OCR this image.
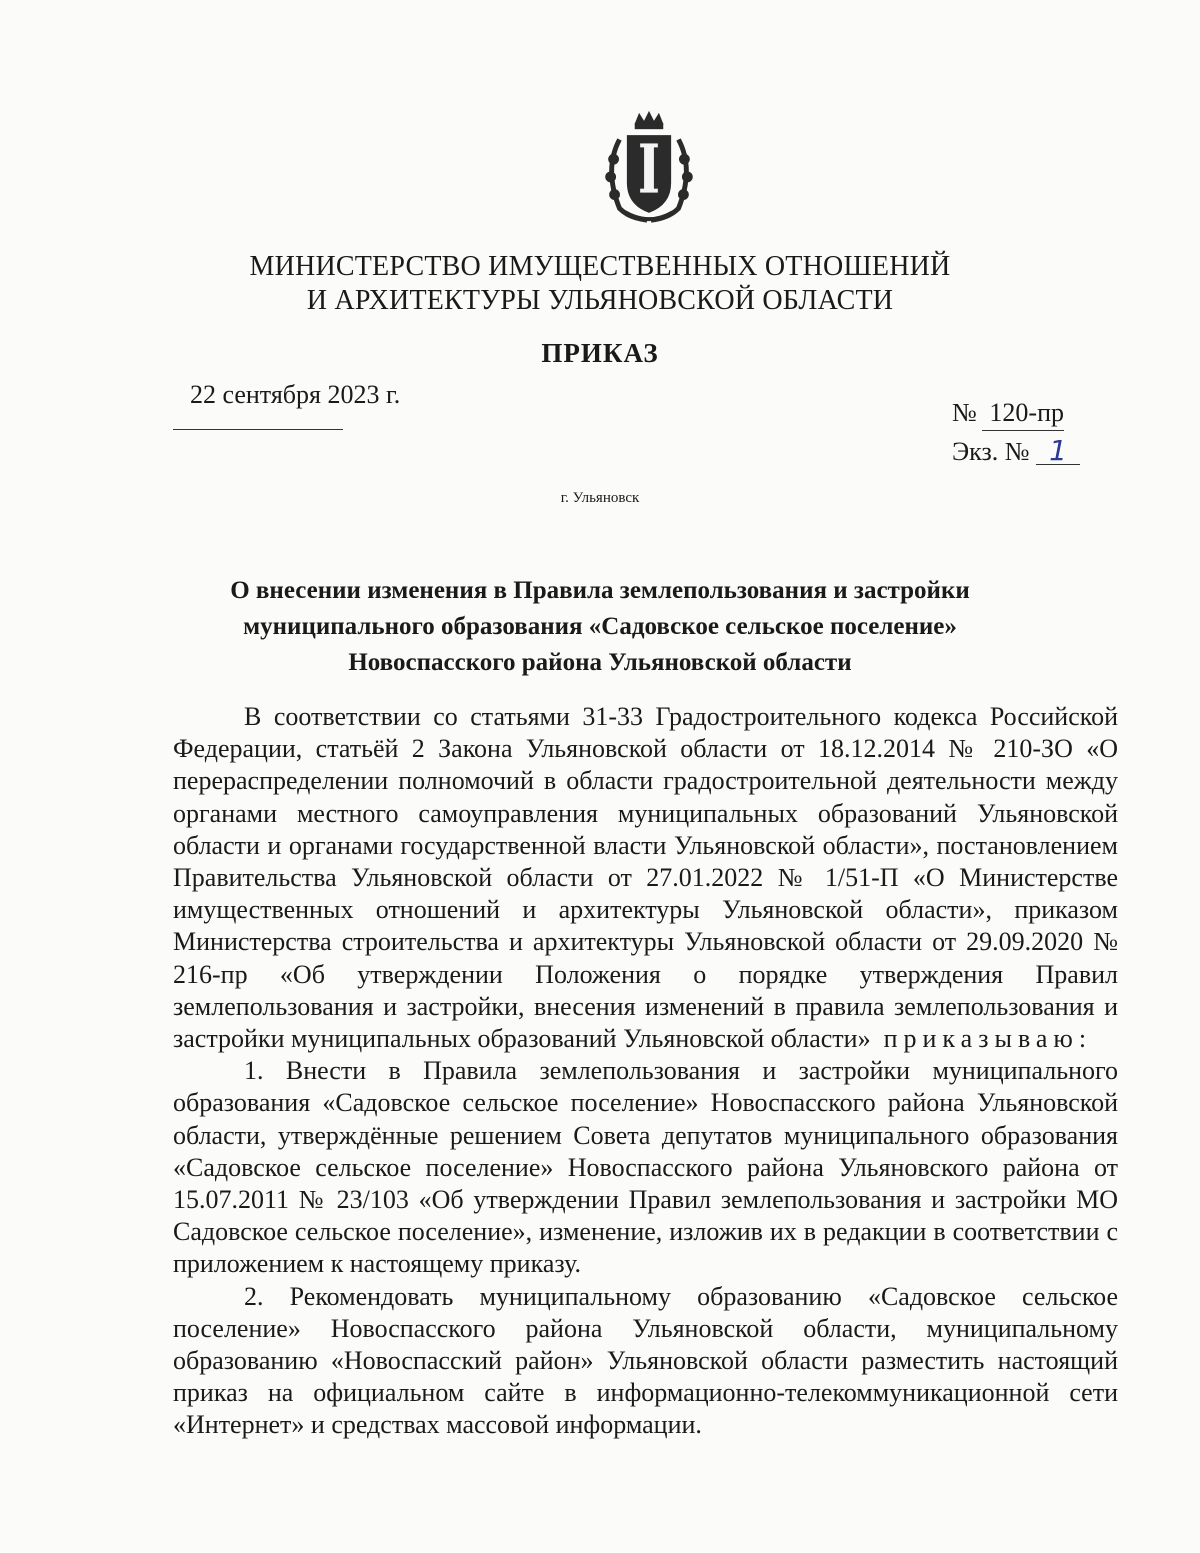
МИНИСТЕРСТВО ИМУЩЕСТВЕННЫХ ОТНОШЕНИЙ
И АРХИТЕКТУРЫ УЛЬЯНОВСКОЙ ОБЛАСТИ
ПРИКАЗ
22 сентября 2023 г.
№ 120-пр
Экз. № 1
г. Ульяновск
О внесении изменения в Правила землепользования и застройки
муниципального образования «Садовское сельское поселение»
Новоспасского района Ульяновской области

В соответствии со статьями 31-33 Градостроительного кодекса Российской Федерации, статьёй 2 Закона Ульяновской области от 18.12.2014 № 210-ЗО «О перераспределении полномочий в области градостроительной деятельности между органами местного самоуправления муниципальных образований Ульяновской области и органами государственной власти Ульяновской области», постановлением Правительства Ульяновской области от 27.01.2022 № 1/51-П «О Министерстве имущественных отношений и архитектуры Ульяновской области», приказом Министерства строительства и архитектуры Ульяновской области от 29.09.2020 № 216-пр «Об утверждении Положения о порядке утверждения Правил землепользования и застройки, внесения изменений в правила землепользования и застройки муниципальных образований Ульяновской области» приказываю:

1. Внести в Правила землепользования и застройки муниципального образования «Садовское сельское поселение» Новоспасского района Ульяновской области, утверждённые решением Совета депутатов муниципального образования «Садовское сельское поселение» Новоспасского района Ульяновского района от 15.07.2011 № 23/103 «Об утверждении Правил землепользования и застройки МО Садовское сельское поселение», изменение, изложив их в редакции в соответствии с приложением к настоящему приказу.

2. Рекомендовать муниципальному образованию «Садовское сельское поселение» Новоспасского района Ульяновской области, муниципальному образованию «Новоспасский район» Ульяновской области разместить настоящий приказ на официальном сайте в информационно-телекоммуникационной сети «Интернет» и средствах массовой информации.
